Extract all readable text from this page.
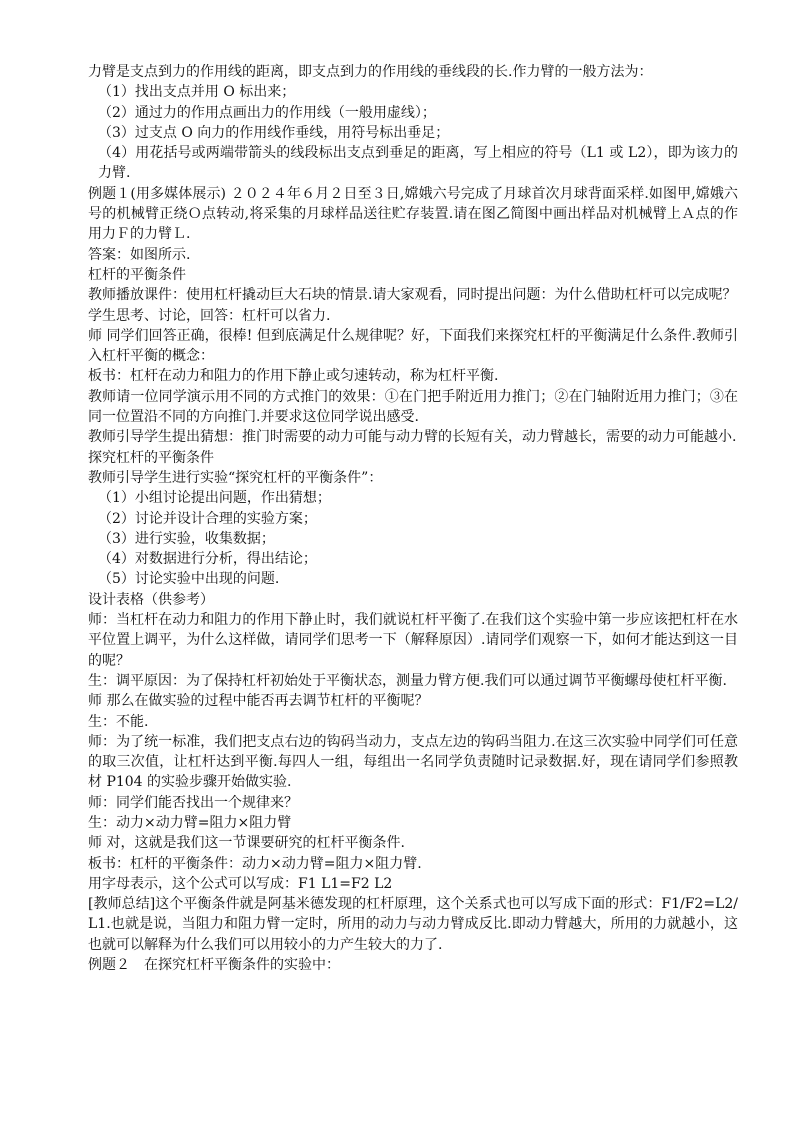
力臂是支点到力的作用线的距离，即支点到力的作用线的垂线段的长.作力臂的一般方法为：

（1）找出支点并用 O 标出来；

（2）通过力的作用点画出力的作用线（一般用虚线）；

（3）过支点 O 向力的作用线作垂线，用符号标出垂足；

（4）用花括号或两端带箭头的线段标出支点到垂足的距离，写上相应的符号（L1 或 L2），即为该力的力臂.

例题１(用多媒体展示) ２０２４年６月２日至３日,嫦娥六号完成了月球首次月球背面采样.如图甲,嫦娥六号的机械臂正绕Ｏ点转动,将采集的月球样品送往贮存装置.请在图乙简图中画出样品对机械臂上Ａ点的作用力Ｆ的力臂Ｌ.

答案：如图所示.

杠杆的平衡条件

教师播放课件：使用杠杆撬动巨大石块的情景.请大家观看，同时提出问题：为什么借助杠杆可以完成呢？

学生思考、讨论，回答：杠杆可以省力.

师 同学们回答正确，很棒! 但到底满足什么规律呢？好，下面我们来探究杠杆的平衡满足什么条件.教师引入杠杆平衡的概念：

板书：杠杆在动力和阻力的作用下静止或匀速转动，称为杠杆平衡.

教师请一位同学演示用不同的方式推门的效果：①在门把手附近用力推门；②在门轴附近用力推门；③在同一位置沿不同的方向推门.并要求这位同学说出感受.

教师引导学生提出猜想：推门时需要的动力可能与动力臂的长短有关，动力臂越长，需要的动力可能越小.

探究杠杆的平衡条件

教师引导学生进行实验“探究杠杆的平衡条件”：

（1）小组讨论提出问题，作出猜想；

（2）讨论并设计合理的实验方案；

（3）进行实验，收集数据；

（4）对数据进行分析，得出结论；

（5）讨论实验中出现的问题.

设计表格（供参考）

师：当杠杆在动力和阻力的作用下静止时，我们就说杠杆平衡了.在我们这个实验中第一步应该把杠杆在水平位置上调平，为什么这样做，请同学们思考一下（解释原因）.请同学们观察一下，如何才能达到这一目的呢？

生：调平原因：为了保持杠杆初始处于平衡状态，测量力臂方便.我们可以通过调节平衡螺母使杠杆平衡.

师 那么在做实验的过程中能否再去调节杠杆的平衡呢？

生：不能.

师：为了统一标准，我们把支点右边的钩码当动力，支点左边的钩码当阻力.在这三次实验中同学们可任意的取三次值，让杠杆达到平衡.每四人一组，每组出一名同学负责随时记录数据.好，现在请同学们参照教材 P104 的实验步骤开始做实验.

师：同学们能否找出一个规律来？

生：动力×动力臂=阻力×阻力臂

师 对，这就是我们这一节课要研究的杠杆平衡条件.

板书：杠杆的平衡条件：动力×动力臂=阻力×阻力臂.

用字母表示，这个公式可以写成：F1 L1=F2 L2

[教师总结]这个平衡条件就是阿基米德发现的杠杆原理，这个关系式也可以写成下面的形式：F1/F2=L2/L1.也就是说，当阻力和阻力臂一定时，所用的动力与动力臂成反比.即动力臂越大，所用的力就越小，这也就可以解释为什么我们可以用较小的力产生较大的力了.

例题２　在探究杠杆平衡条件的实验中：
